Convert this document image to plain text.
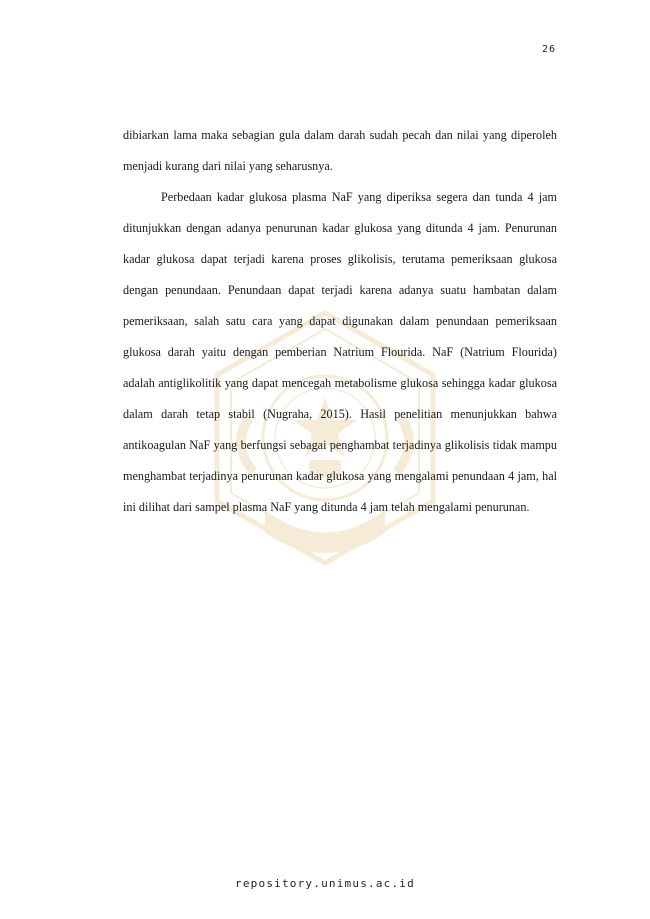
26

dibiarkan lama maka sebagian gula dalam darah sudah pecah dan nilai yang diperoleh menjadi kurang dari nilai yang seharusnya.

Perbedaan kadar glukosa plasma NaF yang diperiksa segera dan tunda 4 jam ditunjukkan dengan adanya penurunan kadar glukosa yang ditunda 4 jam. Penurunan kadar glukosa dapat terjadi karena proses glikolisis, terutama pemeriksaan glukosa dengan penundaan. Penundaan dapat terjadi karena adanya suatu hambatan dalam pemeriksaan, salah satu cara yang dapat digunakan dalam penundaan pemeriksaan glukosa darah yaitu dengan pemberian Natrium Flourida. NaF (Natrium Flourida) adalah antiglikolitik yang dapat mencegah metabolisme glukosa sehingga kadar glukosa dalam darah tetap stabil (Nugraha, 2015). Hasil penelitian menunjukkan bahwa antikoagulan NaF yang berfungsi sebagai penghambat terjadinya glikolisis tidak mampu menghambat terjadinya penurunan kadar glukosa yang mengalami penundaan 4 jam, hal ini dilihat dari sampel plasma NaF yang ditunda 4 jam telah mengalami penurunan.

repository.unimus.ac.id
